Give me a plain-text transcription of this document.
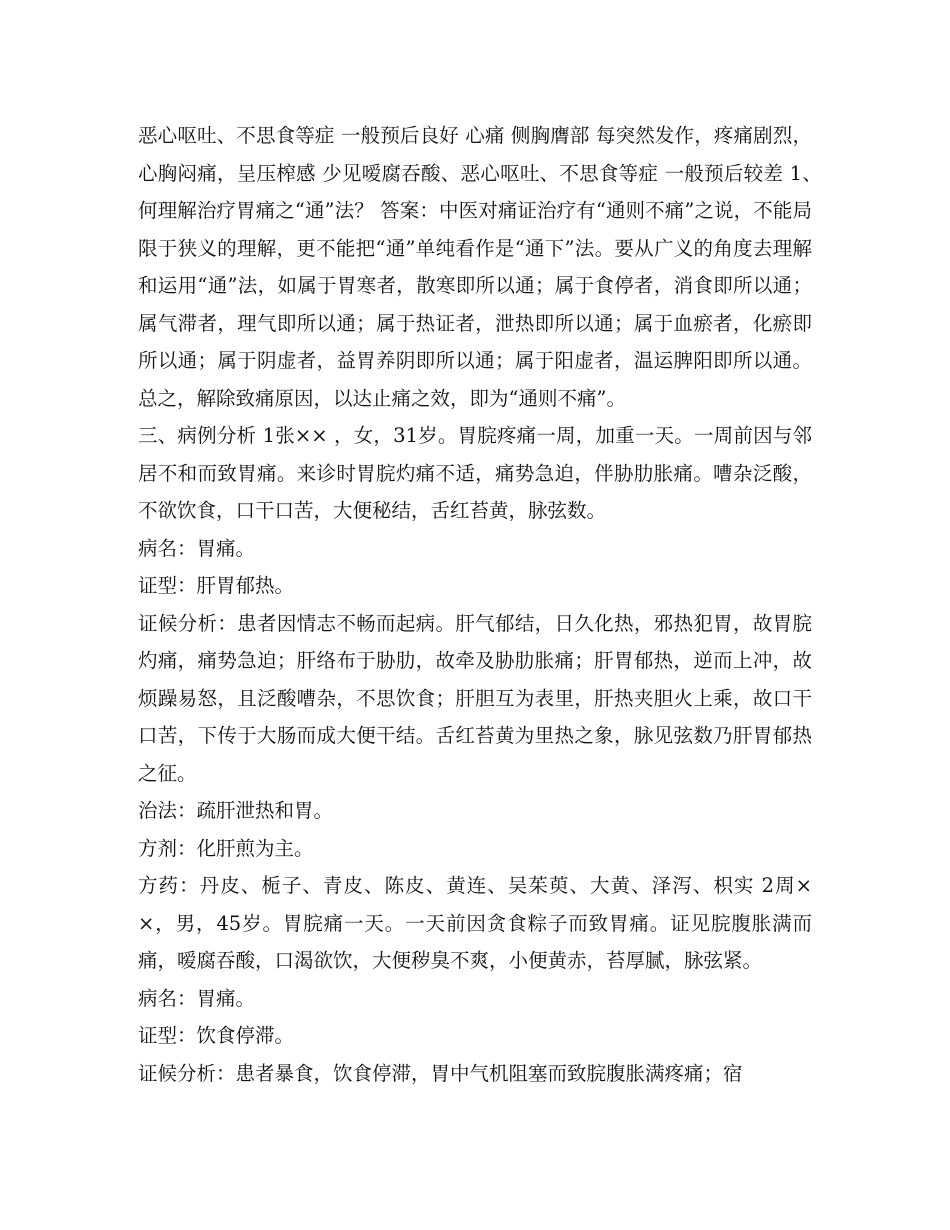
恶心呕吐、不思食等症 一般预后良好 心痛 侧胸膺部 每突然发作，疼痛剧烈，心胸闷痛，呈压榨感 少见嗳腐吞酸、恶心呕吐、不思食等症 一般预后较差 1、　　何理解治疗胃痛之“通”法？ 答案：中医对痛证治疗有“通则不痛”之说，不能局限于狭义的理解，更不能把“通”单纯看作是“通下”法。要从广义的角度去理解和运用“通”法，如属于胃寒者，散寒即所以通；属于食停者，消食即所以通；属气滞者，理气即所以通；属于热证者，泄热即所以通；属于血瘀者，化瘀即所以通；属于阴虚者，益胃养阴即所以通；属于阳虚者，温运脾阳即所以通。总之，解除致痛原因，以达止痛之效，即为“通则不痛”。

三、病例分析 1张×× ，女，31岁。胃脘疼痛一周，加重一天。一周前因与邻居不和而致胃痛。来诊时胃脘灼痛不适，痛势急迫，伴胁肋胀痛。嘈杂泛酸，不欲饮食，口干口苦，大便秘结，舌红苔黄，脉弦数。

病名：胃痛。

证型：肝胃郁热。

证候分析：患者因情志不畅而起病。肝气郁结，日久化热，邪热犯胃，故胃脘灼痛，痛势急迫；肝络布于胁肋，故牵及胁肋胀痛；肝胃郁热，逆而上冲，故烦躁易怒，且泛酸嘈杂，不思饮食；肝胆互为表里，肝热夹胆火上乘，故口干口苦，下传于大肠而成大便干结。舌红苔黄为里热之象，脉见弦数乃肝胃郁热之征。

治法：疏肝泄热和胃。

方剂：化肝煎为主。

方药：丹皮、栀子、青皮、陈皮、黄连、吴茱萸、大黄、泽泻、枳实 2周××，男，45岁。胃脘痛一天。一天前因贪食粽子而致胃痛。证见脘腹胀满而痛，嗳腐吞酸，口渴欲饮，大便秽臭不爽，小便黄赤，苔厚腻，脉弦紧。

病名：胃痛。

证型：饮食停滞。

证候分析：患者暴食，饮食停滞，胃中气机阻塞而致脘腹胀满疼痛；宿
